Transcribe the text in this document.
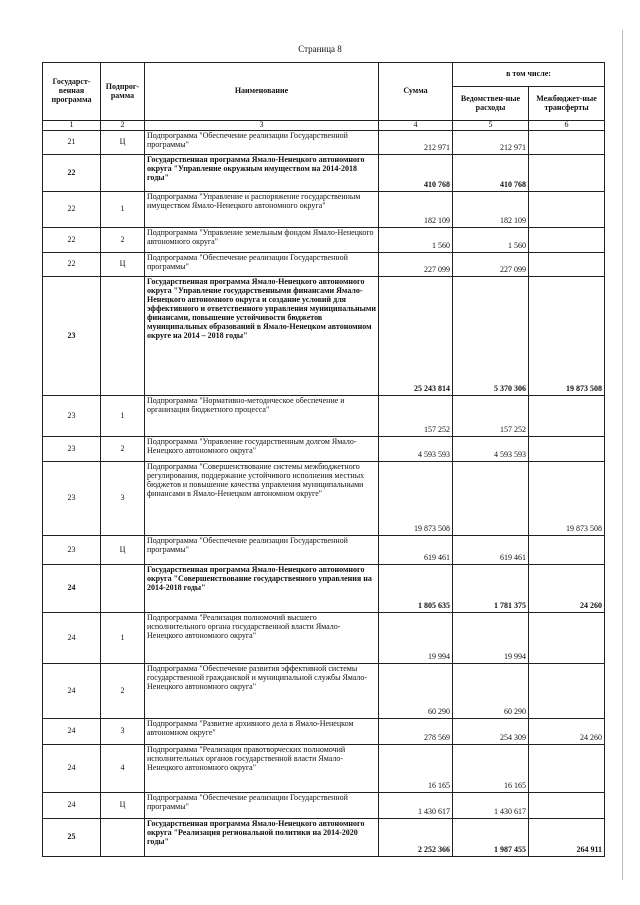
Страница 8
Государст-венная программа	Подпрог-рамма	Наименование	Сумма	в том числе:	
				Ведомствен-ные расходы	Межбюджет-ные трансферты
1	2	3	4	5	6
21	Ц	Подпрограмма "Обеспечение реализации Государственной программы"	212 971	212 971	
22		Государственная программа Ямало-Ненецкого автономного округа "Управление окружным имуществом на 2014-2018 годы"	410 768	410 768	
22	1	Подпрограмма "Управление и распоряжение государственным имуществом Ямало-Ненецкого автономного округа"	182 109	182 109	
22	2	Подпрограмма "Управление земельным фондом Ямало-Ненецкого автономного округа"	1 560	1 560	
22	Ц	Подпрограмма "Обеспечение реализации Государственной программы"	227 099	227 099	
23		Государственная программа Ямало-Ненецкого автономного округа "Управление государственными финансами Ямало-Ненецкого автономного округа и создание условий для эффективного и ответственного управления муниципальными финансами, повышение устойчивости бюджетов муниципальных образований в Ямало-Ненецком автономном округе на 2014 – 2018 годы"	25 243 814	5 370 306	19 873 508
23	1	Подпрограмма "Нормативно-методическое обеспечение и организация бюджетного процесса"	157 252	157 252	
23	2	Подпрограмма "Управление государственным долгом Ямало-Ненецкого автономного округа"	4 593 593	4 593 593	
23	3	Подпрограмма "Совершенствование системы межбюджетного регулирования, поддержание устойчивого исполнения местных бюджетов и повышение качества управления муниципальными финансами в Ямало-Ненецком автономном округе"	19 873 508		19 873 508
23	Ц	Подпрограмма "Обеспечение реализации Государственной программы"	619 461	619 461	
24		Государственная программа Ямало-Ненецкого автономного округа "Совершенствование государственного управления на 2014-2018 годы"	1 805 635	1 781 375	24 260
24	1	Подпрограмма "Реализация полномочий высшего исполнительного органа государственной власти Ямало-Ненецкого автономного округа"	19 994	19 994	
24	2	Подпрограмма "Обеспечение развития эффективной системы государственной гражданской и муниципальной службы Ямало-Ненецкого автономного округа"	60 290	60 290	
24	3	Подпрограмма "Развитие архивного дела в Ямало-Ненецком автономном округе"	278 569	254 309	24 260
24	4	Подпрограмма "Реализация правотворческих полномочий исполнительных органов государственной власти Ямало-Ненецкого автономного округа"	16 165	16 165	
24	Ц	Подпрограмма "Обеспечение реализации Государственной программы"	1 430 617	1 430 617	
25		Государственная программа Ямало-Ненецкого автономного округа "Реализация региональной политики на 2014-2020 годы"	2 252 366	1 987 455	264 911
